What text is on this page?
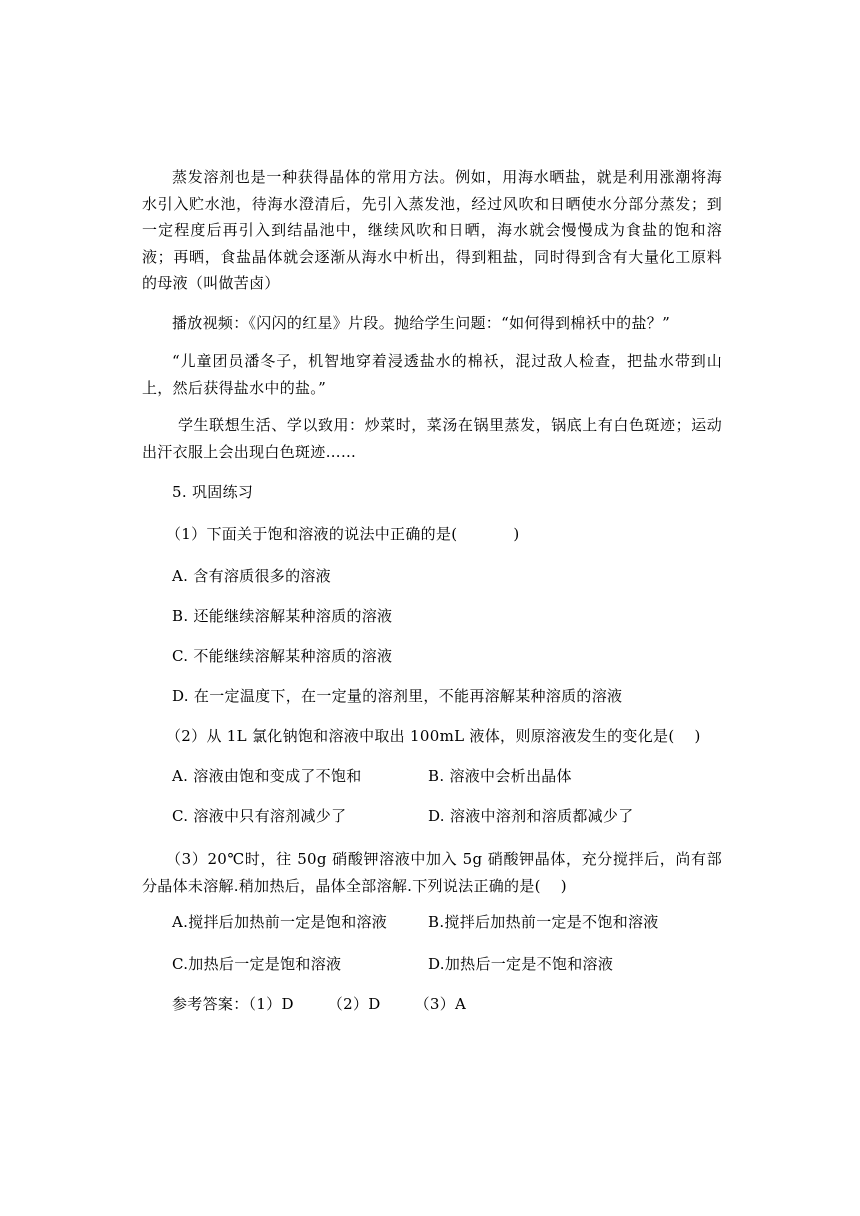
蒸发溶剂也是一种获得晶体的常用方法。例如，用海水晒盐，就是利用涨潮将海水引入贮水池，待海水澄清后，先引入蒸发池，经过风吹和日晒使水分部分蒸发；到一定程度后再引入到结晶池中，继续风吹和日晒，海水就会慢慢成为食盐的饱和溶液；再晒，食盐晶体就会逐渐从海水中析出，得到粗盐，同时得到含有大量化工原料的母液（叫做苦卤）

播放视频：《闪闪的红星》片段。抛给学生问题：“如何得到棉袄中的盐？”

“儿童团员潘冬子，机智地穿着浸透盐水的棉袄，混过敌人检查，把盐水带到山上，然后获得盐水中的盐。”

学生联想生活、学以致用：炒菜时，菜汤在锅里蒸发，锅底上有白色斑迹；运动出汗衣服上会出现白色斑迹……

5. 巩固练习

（1）下面关于饱和溶液的说法中正确的是(	)

A. 含有溶质很多的溶液

B. 还能继续溶解某种溶质的溶液

C. 不能继续溶解某种溶质的溶液

D. 在一定温度下，在一定量的溶剂里，不能再溶解某种溶质的溶液

（2）从 1L 氯化钠饱和溶液中取出 100mL 液体，则原溶液发生的变化是( )

A. 溶液由饱和变成了不饱和	B. 溶液中会析出晶体

C. 溶液中只有溶剂减少了	D. 溶液中溶剂和溶质都减少了

（3）20℃时，往 50g 硝酸钾溶液中加入 5g 硝酸钾晶体，充分搅拌后，尚有部分晶体未溶解.稍加热后，晶体全部溶解.下列说法正确的是( )

A.搅拌后加热前一定是饱和溶液	B.搅拌后加热前一定是不饱和溶液

C.加热后一定是饱和溶液	D.加热后一定是不饱和溶液

参考答案：（1）D （2）D （3）A
